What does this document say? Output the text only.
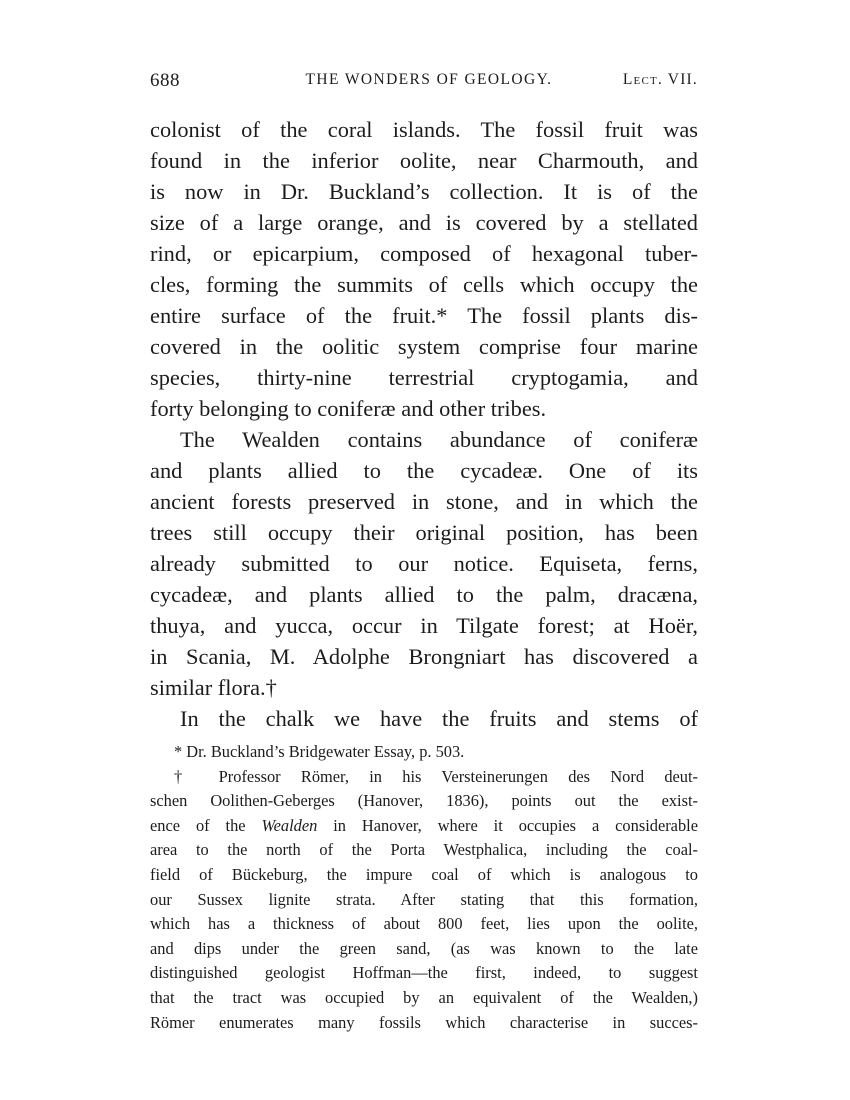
688	THE WONDERS OF GEOLOGY.	Lect. VII.
colonist of the coral islands. The fossil fruit was
found in the inferior oolite, near Charmouth, and
is now in Dr. Buckland’s collection. It is of the
size of a large orange, and is covered by a stellated
rind, or epicarpium, composed of hexagonal tuber-
cles, forming the summits of cells which occupy the
entire surface of the fruit.* The fossil plants dis-
covered in the oolitic system comprise four marine
species, thirty-nine terrestrial cryptogamia, and
forty belonging to coniferæ and other tribes.
The Wealden contains abundance of coniferæ
and plants allied to the cycadeæ. One of its
ancient forests preserved in stone, and in which the
trees still occupy their original position, has been
already submitted to our notice. Equiseta, ferns,
cycadeæ, and plants allied to the palm, dracæna,
thuya, and yucca, occur in Tilgate forest; at Hoër,
in Scania, M. Adolphe Brongniart has discovered a
similar flora.†
In the chalk we have the fruits and stems of
* Dr. Buckland’s Bridgewater Essay, p. 503.
† Professor Römer, in his Versteinerungen des Nord deut-
schen Oolithen-Geberges (Hanover, 1836), points out the exist-
ence of the Wealden in Hanover, where it occupies a considerable
area to the north of the Porta Westphalica, including the coal-
field of Bückeburg, the impure coal of which is analogous to
our Sussex lignite strata. After stating that this formation,
which has a thickness of about 800 feet, lies upon the oolite,
and dips under the green sand, (as was known to the late
distinguished geologist Hoffman—the first, indeed, to suggest
that the tract was occupied by an equivalent of the Wealden,)
Römer enumerates many fossils which characterise in succes-
